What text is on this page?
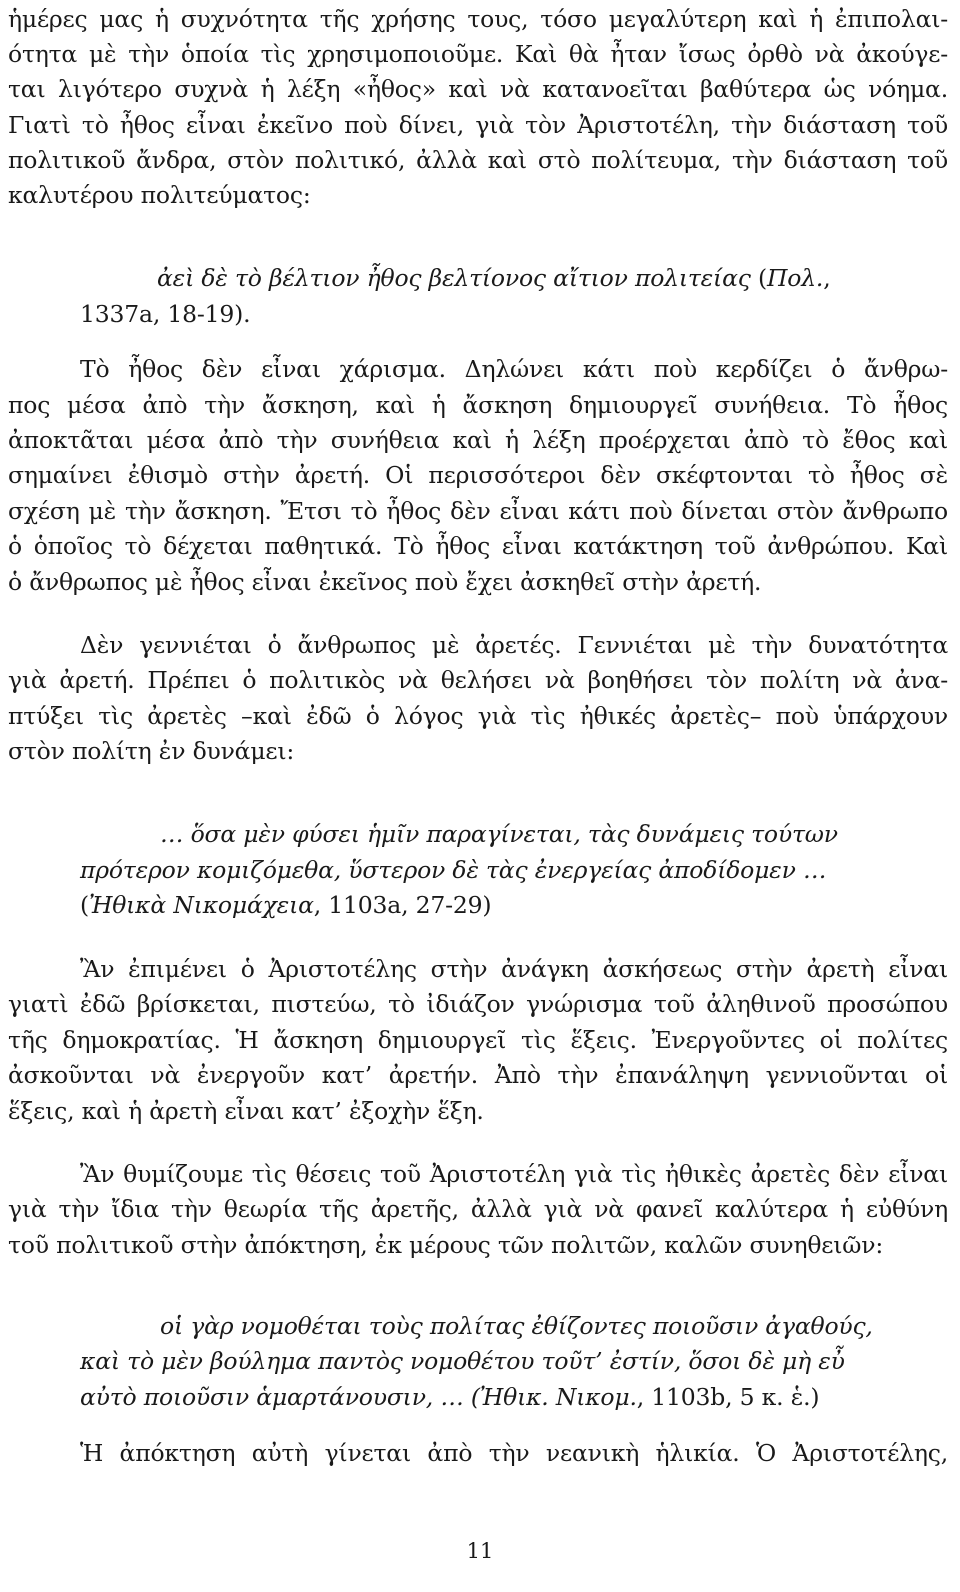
ἡμέρες μας ἡ συχνότητα τῆς χρήσης τους, τόσο μεγαλύτερη καὶ ἡ ἐπιπολαι-
ότητα μὲ τὴν ὁποία τὶς χρησιμοποιοῦμε. Καὶ θὰ ἦταν ἴσως ὀρθὸ νὰ ἀκούγε-
ται λιγότερο συχνὰ ἡ λέξη «ἦθος» καὶ νὰ κατανοεῖται βαθύτερα ὡς νόημα.
Γιατὶ τὸ ἦθος εἶναι ἐκεῖνο ποὺ δίνει, γιὰ τὸν Ἀριστοτέλη, τὴν διάσταση τοῦ
πολιτικοῦ ἄνδρα, στὸν πολιτικό, ἀλλὰ καὶ στὸ πολίτευμα, τὴν διάσταση τοῦ
καλυτέρου πολιτεύματος:
ἀεὶ δὲ τὸ βέλτιον ἦθος βελτίονος αἴτιον πολιτείας (Πολ.,
1337a, 18-19).
Τὸ ἦθος δὲν εἶναι χάρισμα. Δηλώνει κάτι ποὺ κερδίζει ὁ ἄνθρω-
πος μέσα ἀπὸ τὴν ἄσκηση, καὶ ἡ ἄσκηση δημιουργεῖ συνήθεια. Τὸ ἦθος
ἀποκτᾶται μέσα ἀπὸ τὴν συνήθεια καὶ ἡ λέξη προέρχεται ἀπὸ τὸ ἔθος καὶ
σημαίνει ἐθισμὸ στὴν ἀρετή. Οἱ περισσότεροι δὲν σκέφτονται τὸ ἦθος σὲ
σχέση μὲ τὴν ἄσκηση. Ἔτσι τὸ ἦθος δὲν εἶναι κάτι ποὺ δίνεται στὸν ἄνθρωπο
ὁ ὁποῖος τὸ δέχεται παθητικά. Τὸ ἦθος εἶναι κατάκτηση τοῦ ἀνθρώπου. Καὶ
ὁ ἄνθρωπος μὲ ἦθος εἶναι ἐκεῖνος ποὺ ἔχει ἀσκηθεῖ στὴν ἀρετή.
Δὲν γεννιέται ὁ ἄνθρωπος μὲ ἀρετές. Γεννιέται μὲ τὴν δυνατότητα
γιὰ ἀρετή. Πρέπει ὁ πολιτικὸς νὰ θελήσει νὰ βοηθήσει τὸν πολίτη νὰ ἀνα-
πτύξει τὶς ἀρετὲς –καὶ ἐδῶ ὁ λόγος γιὰ τὶς ἠθικές ἀρετὲς– ποὺ ὑπάρχουν
στὸν πολίτη ἐν δυνάμει:
… ὅσα μὲν φύσει ἡμῖν παραγίνεται, τὰς δυνάμεις τούτων
πρότερον κομιζόμεθα, ὕστερον δὲ τὰς ἐνεργείας ἀποδίδομεν …
(Ἠθικὰ Νικομάχεια, 1103a, 27-29)
Ἂν ἐπιμένει ὁ Ἀριστοτέλης στὴν ἀνάγκη ἀσκήσεως στὴν ἀρετὴ εἶναι
γιατὶ ἐδῶ βρίσκεται, πιστεύω, τὸ ἰδιάζον γνώρισμα τοῦ ἀληθινοῦ προσώπου
τῆς δημοκρατίας. Ἡ ἄσκηση δημιουργεῖ τὶς ἕξεις. Ἐνεργοῦντες οἱ πολίτες
ἀσκοῦνται νὰ ἐνεργοῦν κατ’ ἀρετήν. Ἀπὸ τὴν ἐπανάληψη γεννιοῦνται οἱ
ἕξεις, καὶ ἡ ἀρετὴ εἶναι κατ’ ἐξοχὴν ἕξη.
Ἂν θυμίζουμε τὶς θέσεις τοῦ Ἀριστοτέλη γιὰ τὶς ἠθικὲς ἀρετὲς δὲν εἶναι
γιὰ τὴν ἴδια τὴν θεωρία τῆς ἀρετῆς, ἀλλὰ γιὰ νὰ φανεῖ καλύτερα ἡ εὐθύνη
τοῦ πολιτικοῦ στὴν ἀπόκτηση, ἐκ μέρους τῶν πολιτῶν, καλῶν συνηθειῶν:
οἱ γὰρ νομοθέται τοὺς πολίτας ἐθίζοντες ποιοῦσιν ἀγαθούς,
καὶ τὸ μὲν βούλημα παντὸς νομοθέτου τοῦτ’ ἐστίν, ὅσοι δὲ μὴ εὖ
αὐτὸ ποιοῦσιν ἁμαρτάνουσιν, … (Ἠθικ. Νικομ., 1103b, 5 κ. ἑ.)
Ἡ ἀπόκτηση αὐτὴ γίνεται ἀπὸ τὴν νεανικὴ ἡλικία. Ὁ Ἀριστοτέλης,
11
